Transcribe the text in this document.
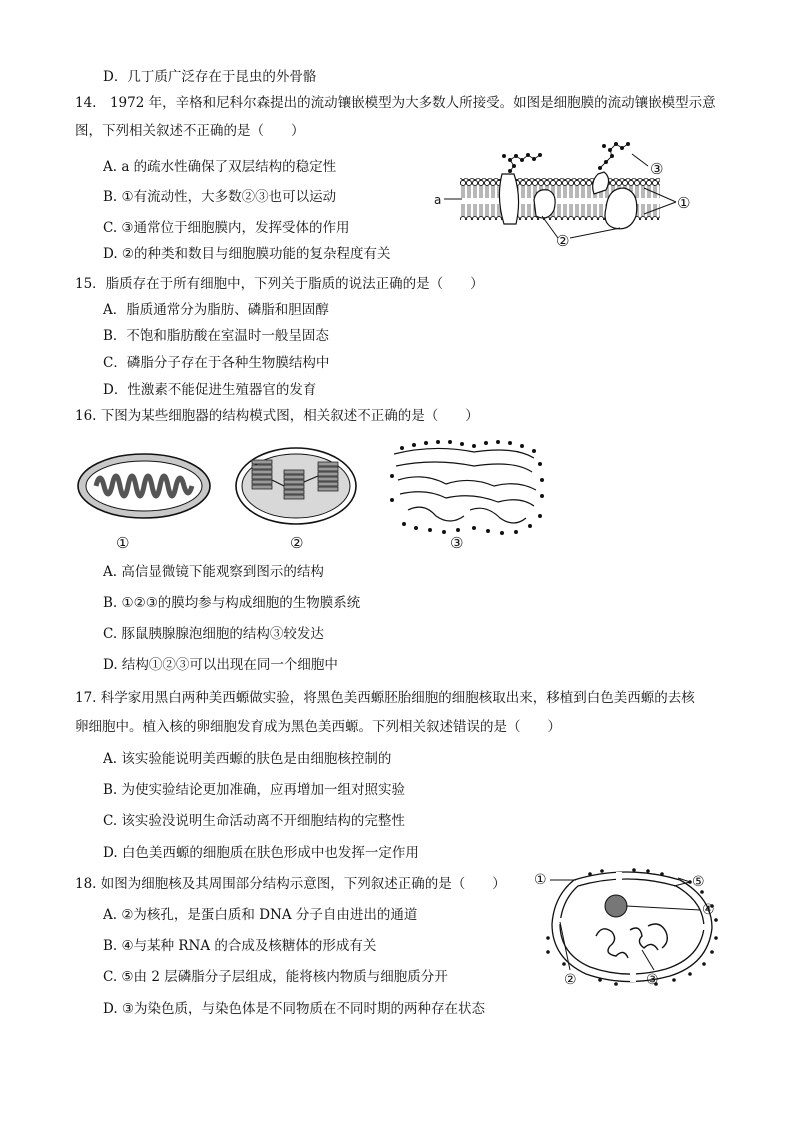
D．几丁质广泛存在于昆虫的外骨骼
14.　1972 年，辛格和尼科尔森提出的流动镶嵌模型为大多数人所接受。如图是细胞膜的流动镶嵌模型示意
图，下列相关叙述不正确的是（　　）
A. a 的疏水性确保了双层结构的稳定性
B. ①有流动性，大多数②③也可以运动
C. ③通常位于细胞膜内，发挥受体的作用
D. ②的种类和数目与细胞膜功能的复杂程度有关
a
③
①
②
15．脂质存在于所有细胞中，下列关于脂质的说法正确的是（　　）
A．脂质通常分为脂肪、磷脂和胆固醇
B．不饱和脂肪酸在室温时一般呈固态
C．磷脂分子存在于各种生物膜结构中
D．性激素不能促进生殖器官的发育
16. 下图为某些细胞器的结构模式图，相关叙述不正确的是（　　）
①	②	③
A. 高信显微镜下能观察到图示的结构
B. ①②③的膜均参与构成细胞的生物膜系统
C. 豚鼠胰腺腺泡细胞的结构③较发达
D. 结构①②③可以出现在同一个细胞中
17. 科学家用黑白两种美西螈做实验，将黑色美西螈胚胎细胞的细胞核取出来，移植到白色美西螈的去核
卵细胞中。植入核的卵细胞发育成为黑色美西螈。下列相关叙述错误的是（　　）
A. 该实验能说明美西螈的肤色是由细胞核控制的
B. 为使实验结论更加准确，应再增加一组对照实验
C. 该实验没说明生命活动离不开细胞结构的完整性
D. 白色美西螈的细胞质在肤色形成中也发挥一定作用
18. 如图为细胞核及其周围部分结构示意图，下列叙述正确的是（　　）
A. ②为核孔，是蛋白质和 DNA 分子自由进出的通道
B. ④与某种 RNA 的合成及核糖体的形成有关
C. ⑤由 2 层磷脂分子层组成，能将核内物质与细胞质分开
D. ③为染色质，与染色体是不同物质在不同时期的两种存在状态
①
②	③
④
⑤
